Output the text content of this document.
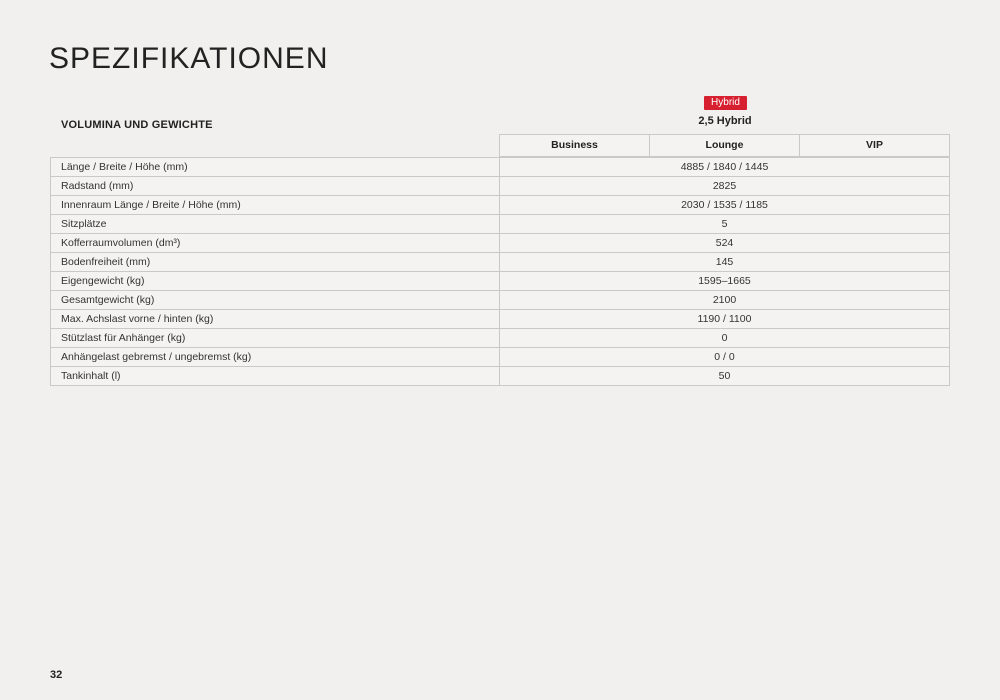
SPEZIFIKATIONEN
VOLUMINA UND GEWICHTE
Hybrid
2,5 Hybrid
Business	Lounge	VIP
Länge / Breite / Höhe (mm)	4885 / 1840 / 1445
Radstand (mm)	2825
Innenraum Länge / Breite / Höhe (mm)	2030 / 1535 / 1185
Sitzplätze	5
Kofferraumvolumen (dm³)	524
Bodenfreiheit (mm)	145
Eigengewicht (kg)	1595–1665
Gesamtgewicht (kg)	2100
Max. Achslast vorne / hinten (kg)	1190 / 1100
Stützlast für Anhänger (kg)	0
Anhängelast gebremst / ungebremst (kg)	0 / 0
Tankinhalt (l)	50
32
